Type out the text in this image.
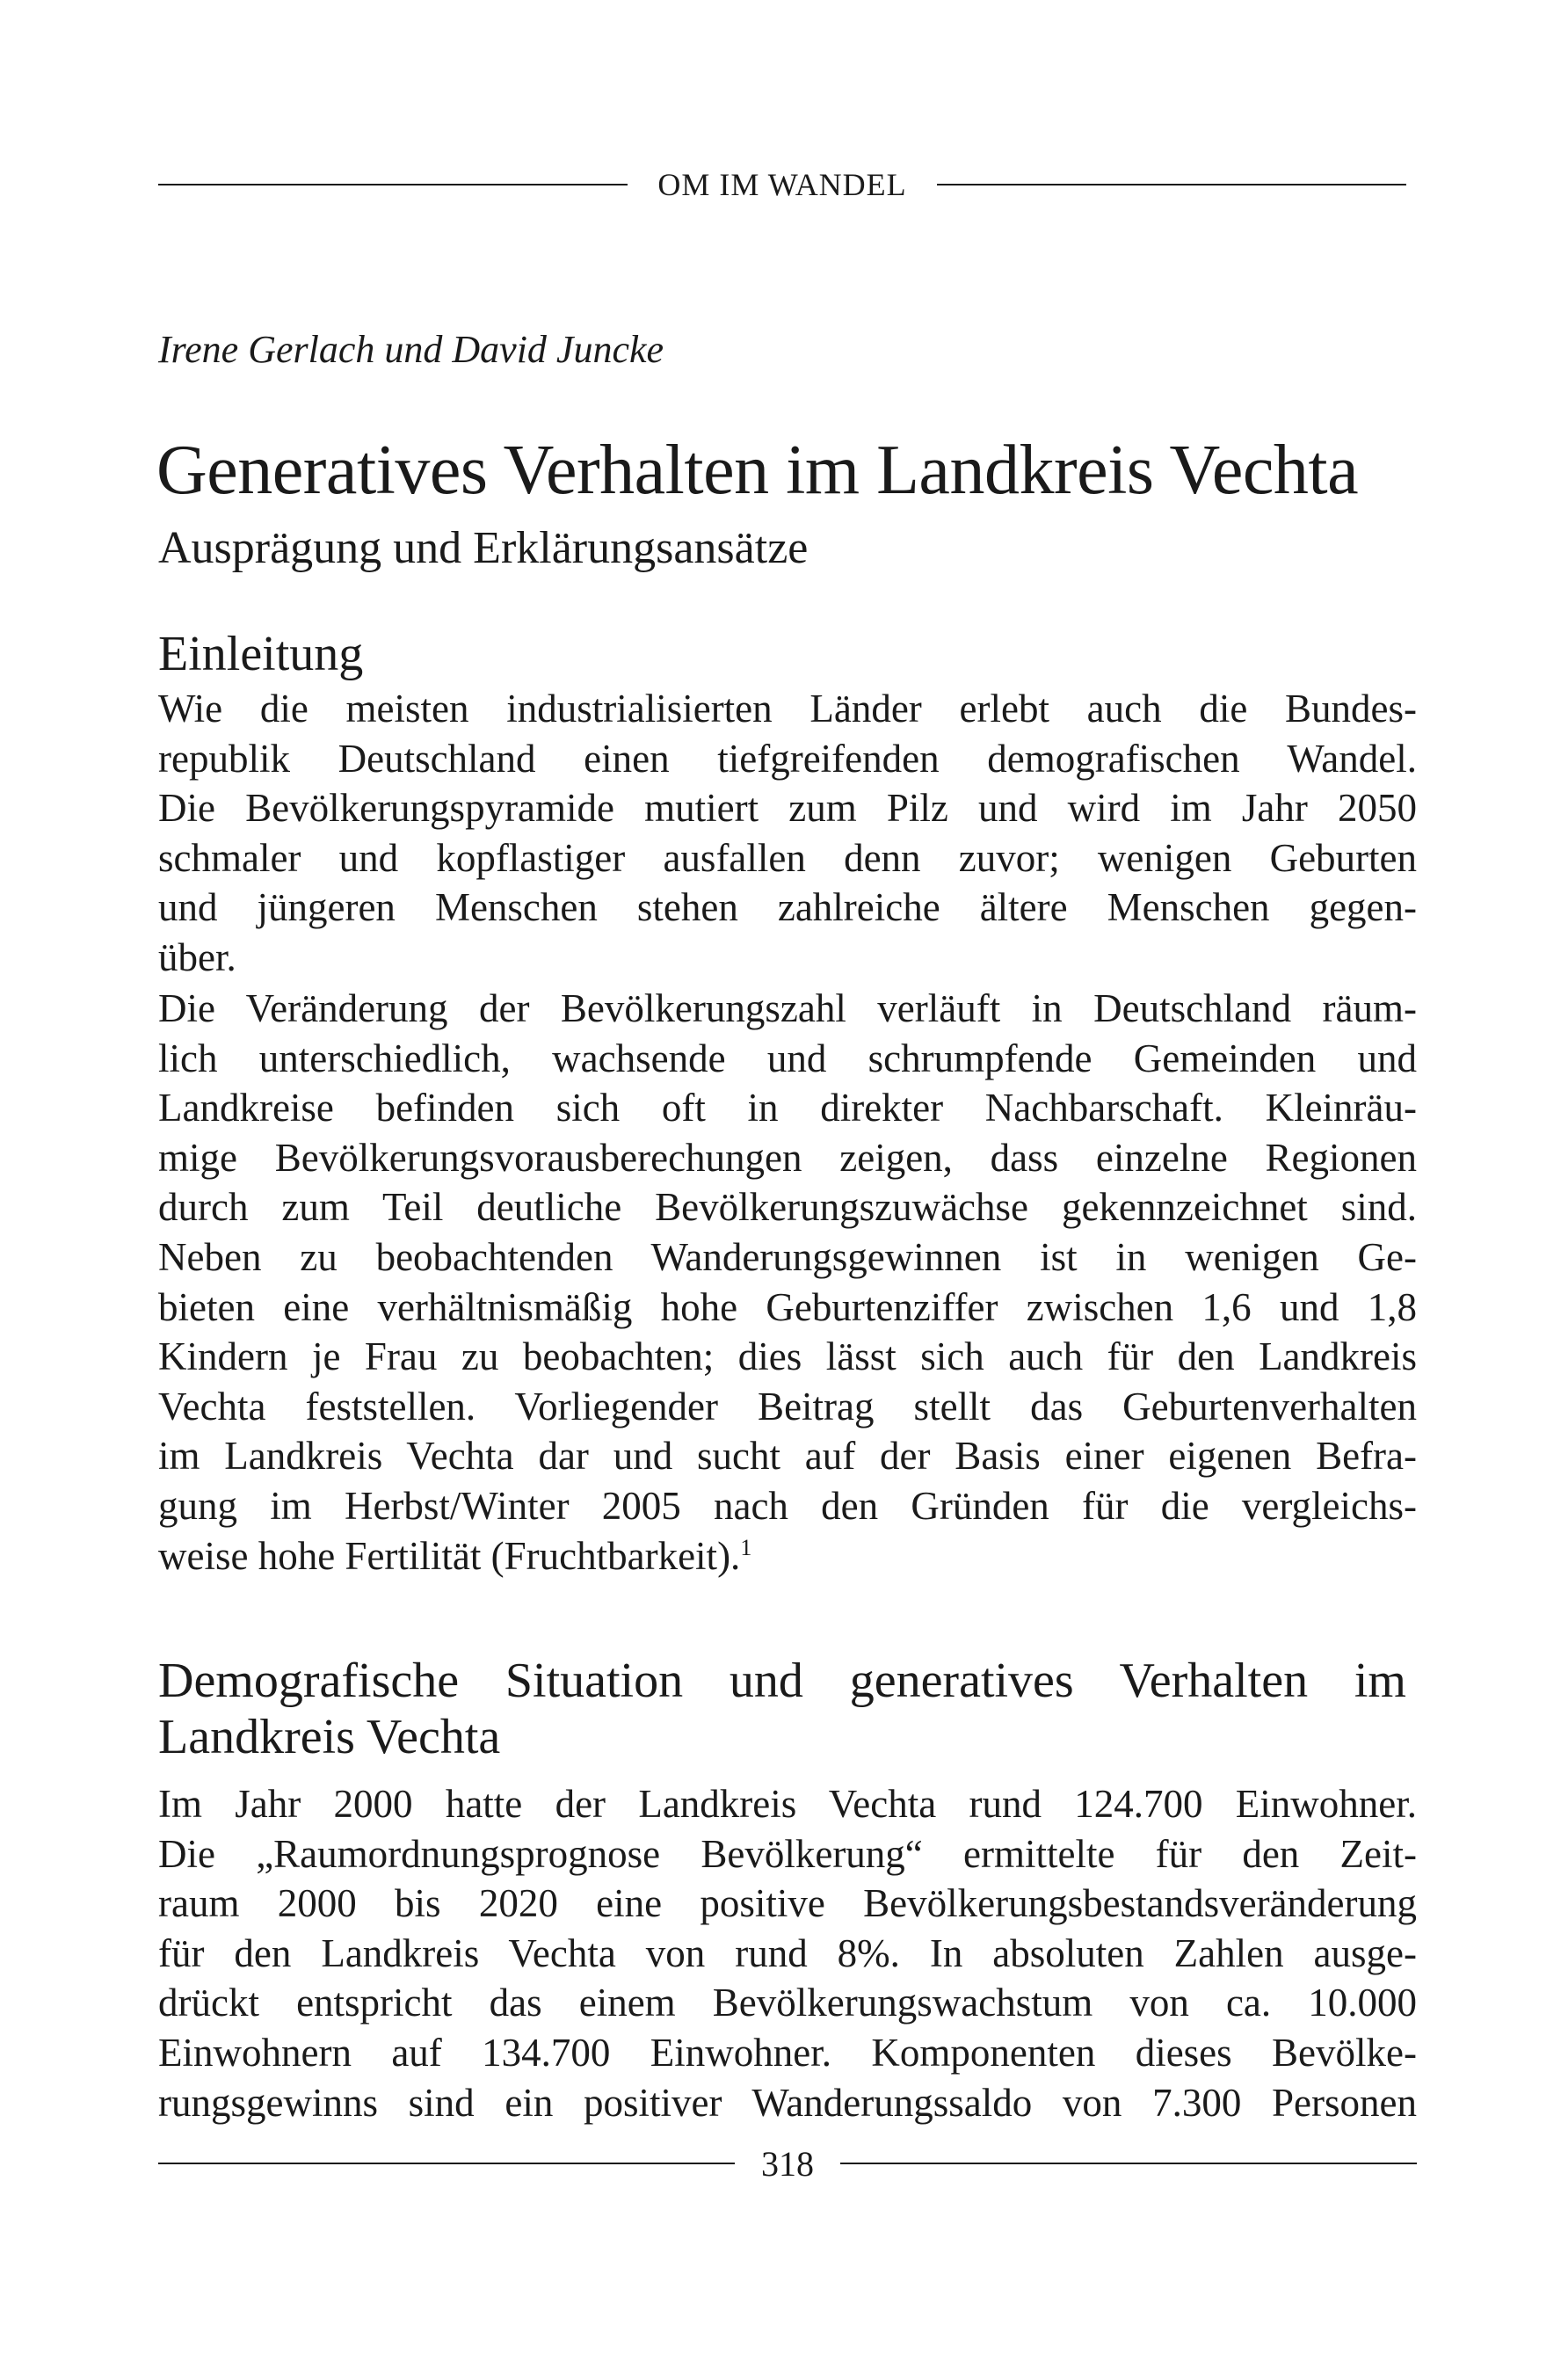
OM IM WANDEL
Irene Gerlach und David Juncke
Generatives Verhalten im Landkreis Vechta
Ausprägung und Erklärungsansätze
Einleitung
Wie die meisten industrialisierten Länder erlebt auch die Bundes-
republik Deutschland einen tiefgreifenden demografischen Wandel.
Die Bevölkerungspyramide mutiert zum Pilz und wird im Jahr 2050
schmaler und kopflastiger ausfallen denn zuvor; wenigen Geburten
und jüngeren Menschen stehen zahlreiche ältere Menschen gegen-
über.
Die Veränderung der Bevölkerungszahl verläuft in Deutschland räum-
lich unterschiedlich, wachsende und schrumpfende Gemeinden und
Landkreise befinden sich oft in direkter Nachbarschaft. Kleinräu-
mige Bevölkerungsvorausberechungen zeigen, dass einzelne Regionen
durch zum Teil deutliche Bevölkerungszuwächse gekennzeichnet sind.
Neben zu beobachtenden Wanderungsgewinnen ist in wenigen Ge-
bieten eine verhältnismäßig hohe Geburtenziffer zwischen 1,6 und 1,8
Kindern je Frau zu beobachten; dies lässt sich auch für den Landkreis
Vechta feststellen. Vorliegender Beitrag stellt das Geburtenverhalten
im Landkreis Vechta dar und sucht auf der Basis einer eigenen Befra-
gung im Herbst/Winter 2005 nach den Gründen für die vergleichs-
weise hohe Fertilität (Fruchtbarkeit).$^1$
Demografische Situation und generatives Verhalten im
Landkreis Vechta
Im Jahr 2000 hatte der Landkreis Vechta rund 124.700 Einwohner.
Die „Raumordnungsprognose Bevölkerung“ ermittelte für den Zeit-
raum 2000 bis 2020 eine positive Bevölkerungsbestandsveränderung
für den Landkreis Vechta von rund 8%. In absoluten Zahlen ausge-
drückt entspricht das einem Bevölkerungswachstum von ca. 10.000
Einwohnern auf 134.700 Einwohner. Komponenten dieses Bevölke-
rungsgewinns sind ein positiver Wanderungssaldo von 7.300 Personen
318
